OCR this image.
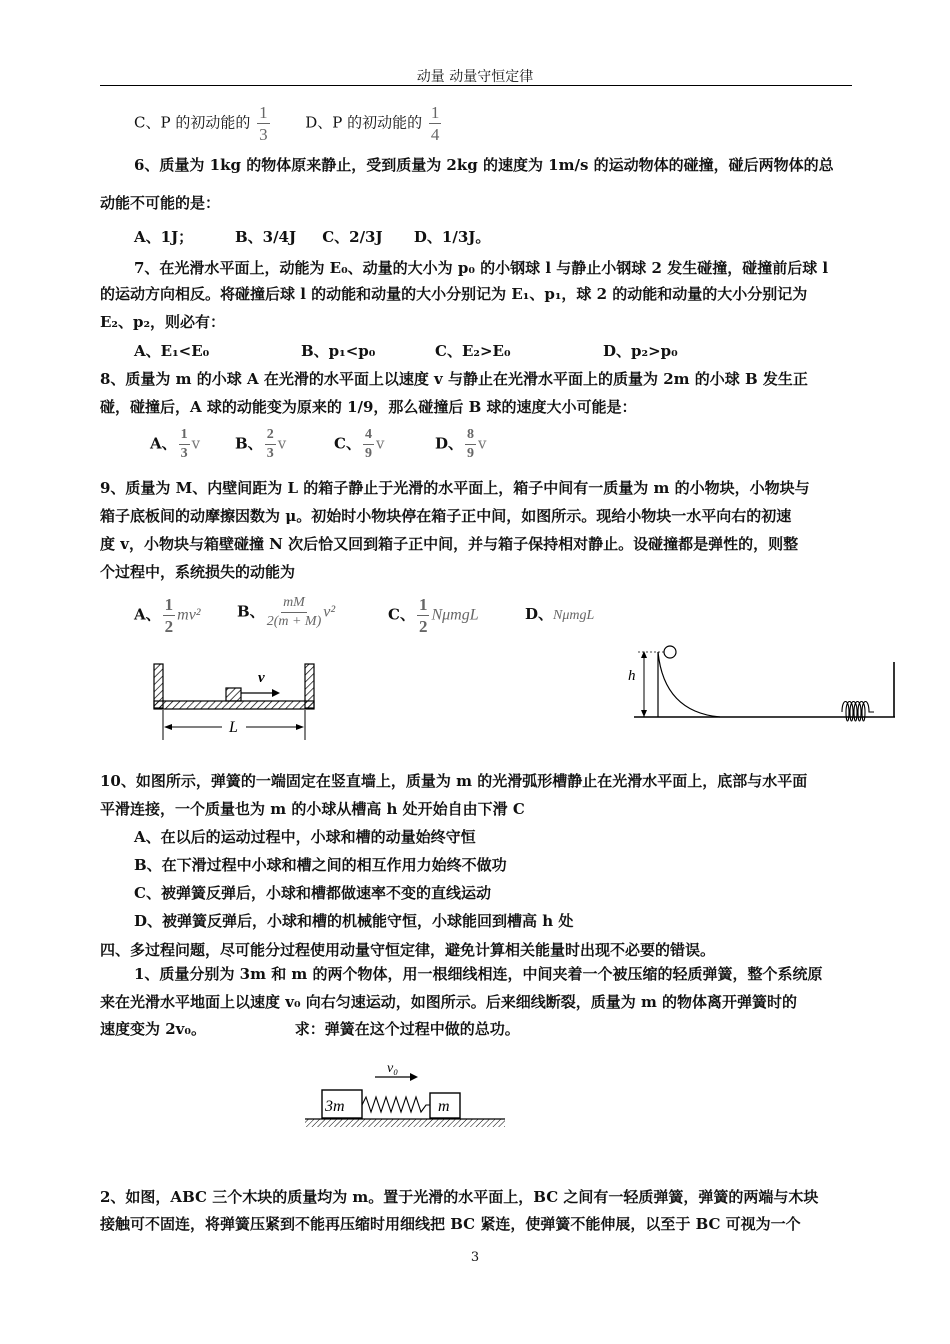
动量 动量守恒定律
C、P 的初动能的 $\frac{1}{3}$ D、P 的初动能的 $\frac{1}{4}$
6、质量为 1kg 的物体原来静止，受到质量为 2kg 的速度为 1m/s 的运动物体的碰撞，碰后两物体的总
动能不可能的是：
A、1J；        B、3/4J     C、2/3J      D、1/3J。
7、在光滑水平面上，动能为 E₀、动量的大小为 p₀ 的小钢球 l 与静止小钢球 2 发生碰撞，碰撞前后球 l
的运动方向相反。将碰撞后球 l 的动能和动量的大小分别记为 E₁、p₁，球 2 的动能和动量的大小分别记为
E₂、p₂，则必有：
A、E₁<E₀	B、p₁<p₀	C、E₂>E₀	D、p₂>p₀
8、质量为 m 的小球 A 在光滑的水平面上以速度 v 与静止在光滑水平面上的质量为 2m 的小球 B 发生正
碰，碰撞后，A 球的动能变为原来的 1/9，那么碰撞后 B 球的速度大小可能是：
A、 $\frac{1}{3}$ v B、 $\frac{2}{3}$ v	C、 $\frac{4}{9}$ v	D、 $\frac{8}{9}$ v
9、质量为 M、内壁间距为 L 的箱子静止于光滑的水平面上，箱子中间有一质量为 m 的小物块，小物块与
箱子底板间的动摩擦因数为 μ。初始时小物块停在箱子正中间，如图所示。现给小物块一水平向右的初速
度 v，小物块与箱壁碰撞 N 次后恰又回到箱子正中间，并与箱子保持相对静止。设碰撞都是弹性的，则整
个过程中，系统损失的动能为
A、 $\frac{1}{2} mv^2$ B、 $\frac{mM}{2(m + M)} v^2$	C、 $\frac{1}{2}$ NμmgL	D、NμmgL
v
L
h
10、如图所示，弹簧的一端固定在竖直墙上，质量为 m 的光滑弧形槽静止在光滑水平面上，底部与水平面
平滑连接，一个质量也为 m 的小球从槽高 h 处开始自由下滑 C
A、在以后的运动过程中，小球和槽的动量始终守恒
B、在下滑过程中小球和槽之间的相互作用力始终不做功
C、被弹簧反弹后，小球和槽都做速率不变的直线运动
D、被弹簧反弹后，小球和槽的机械能守恒，小球能回到槽高 h 处
四、多过程问题，尽可能分过程使用动量守恒定律，避免计算相关能量时出现不必要的错误。
1、质量分别为 3m 和 m 的两个物体，用一根细线相连，中间夹着一个被压缩的轻质弹簧，整个系统原
来在光滑水平地面上以速度 v₀ 向右匀速运动，如图所示。后来细线断裂，质量为 m 的物体离开弹簧时的
速度变为 2v₀。                 求：弹簧在这个过程中做的总功。
v₀
3m	m
2、如图，ABC 三个木块的质量均为 m。置于光滑的水平面上，BC 之间有一轻质弹簧，弹簧的两端与木块
接触可不固连，将弹簧压紧到不能再压缩时用细线把 BC 紧连，使弹簧不能伸展，以至于 BC 可视为一个
3
